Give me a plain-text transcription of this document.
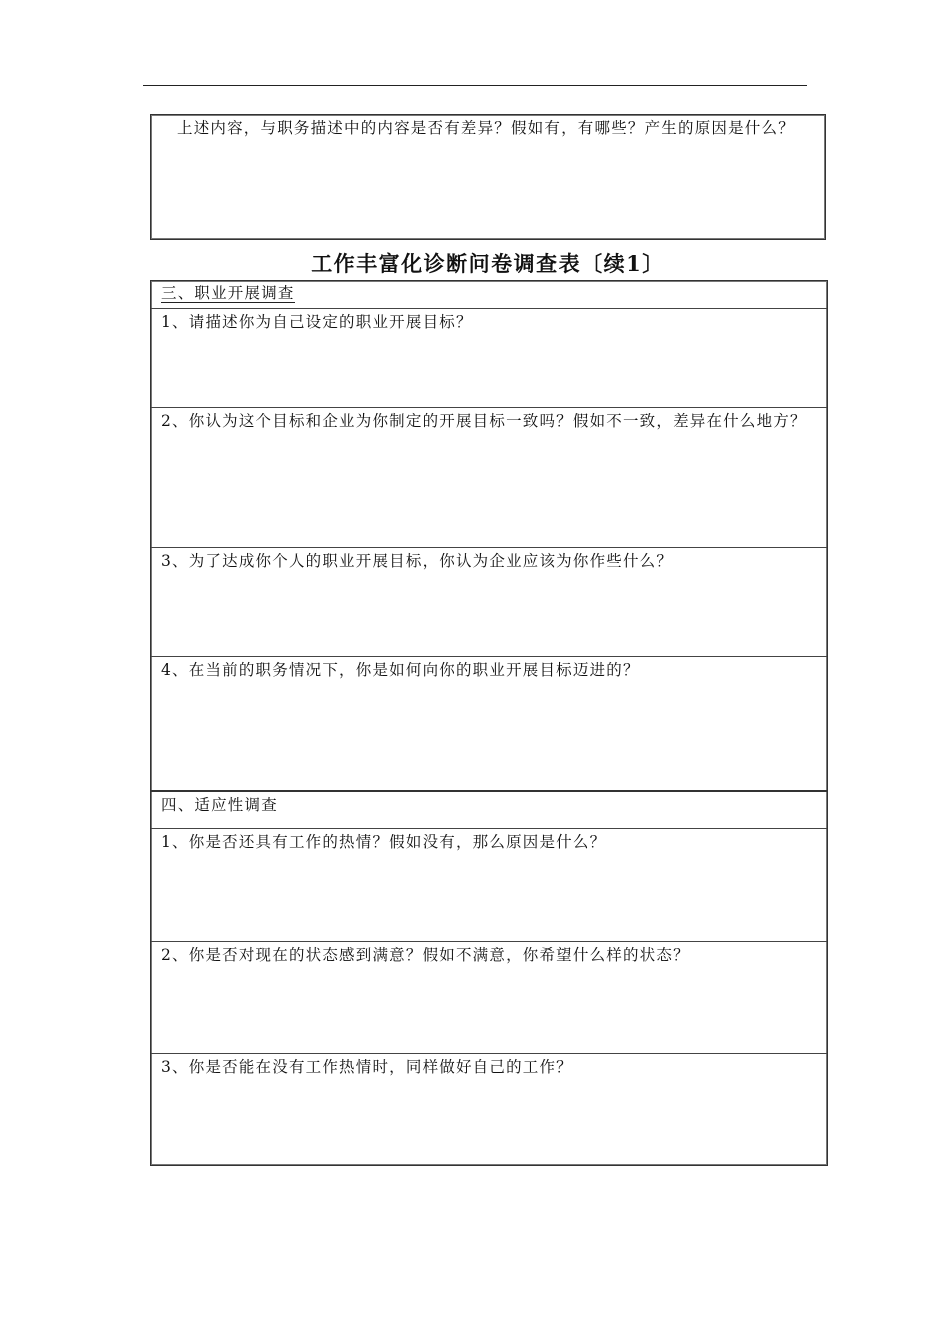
上述内容，与职务描述中的内容是否有差异？假如有，有哪些？产生的原因是什么？
工作丰富化诊断问卷调查表〔续1〕
三、职业开展调查
1、请描述你为自己设定的职业开展目标？
2、你认为这个目标和企业为你制定的开展目标一致吗？假如不一致，差异在什么地方？
3、为了达成你个人的职业开展目标，你认为企业应该为你作些什么？
4、在当前的职务情况下，你是如何向你的职业开展目标迈进的？
四、适应性调查
1、你是否还具有工作的热情？假如没有，那么原因是什么？
2、你是否对现在的状态感到满意？假如不满意，你希望什么样的状态？
3、你是否能在没有工作热情时，同样做好自己的工作？
